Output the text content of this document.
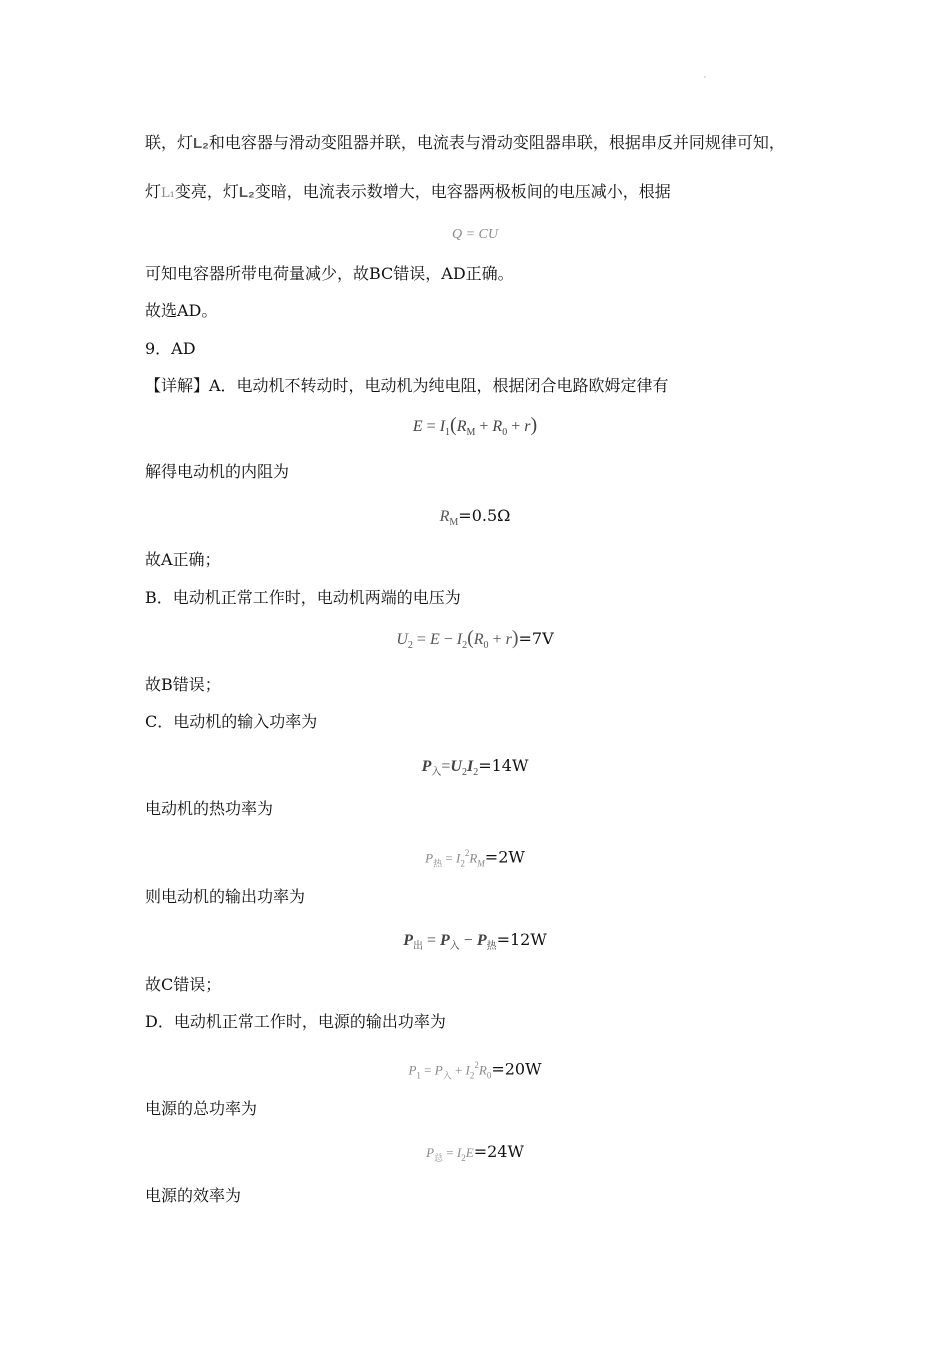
联，灯L₂和电容器与滑动变阻器并联，电流表与滑动变阻器串联，根据串反并同规律可知，
灯L₁变亮，灯L₂变暗，电流表示数增大，电容器两极板间的电压减小，根据
Q = CU
可知电容器所带电荷量减少，故BC错误，AD正确。
故选AD。
9．AD
【详解】A．电动机不转动时，电动机为纯电阻，根据闭合电路欧姆定律有
$E = I_1(R_M + R_0 + r)$
解得电动机的内阻为
$R_M=0.5\Omega$
故A正确；
B．电动机正常工作时，电动机两端的电压为
$U_2 = E - I_2(R_0 + r)=7V$
故B错误；
C．电动机的输入功率为
$P_入=U_2I_2=14W$
电动机的热功率为
$P_热 = I_2^2R_M=2W$
则电动机的输出功率为
$P_出 = P_入 - P_热=12W$
故C错误；
D．电动机正常工作时，电源的输出功率为
$P_1 = P_入 + I_2^2R_0=20W$
电源的总功率为
$P_总 = I_2E=24W$
电源的效率为
